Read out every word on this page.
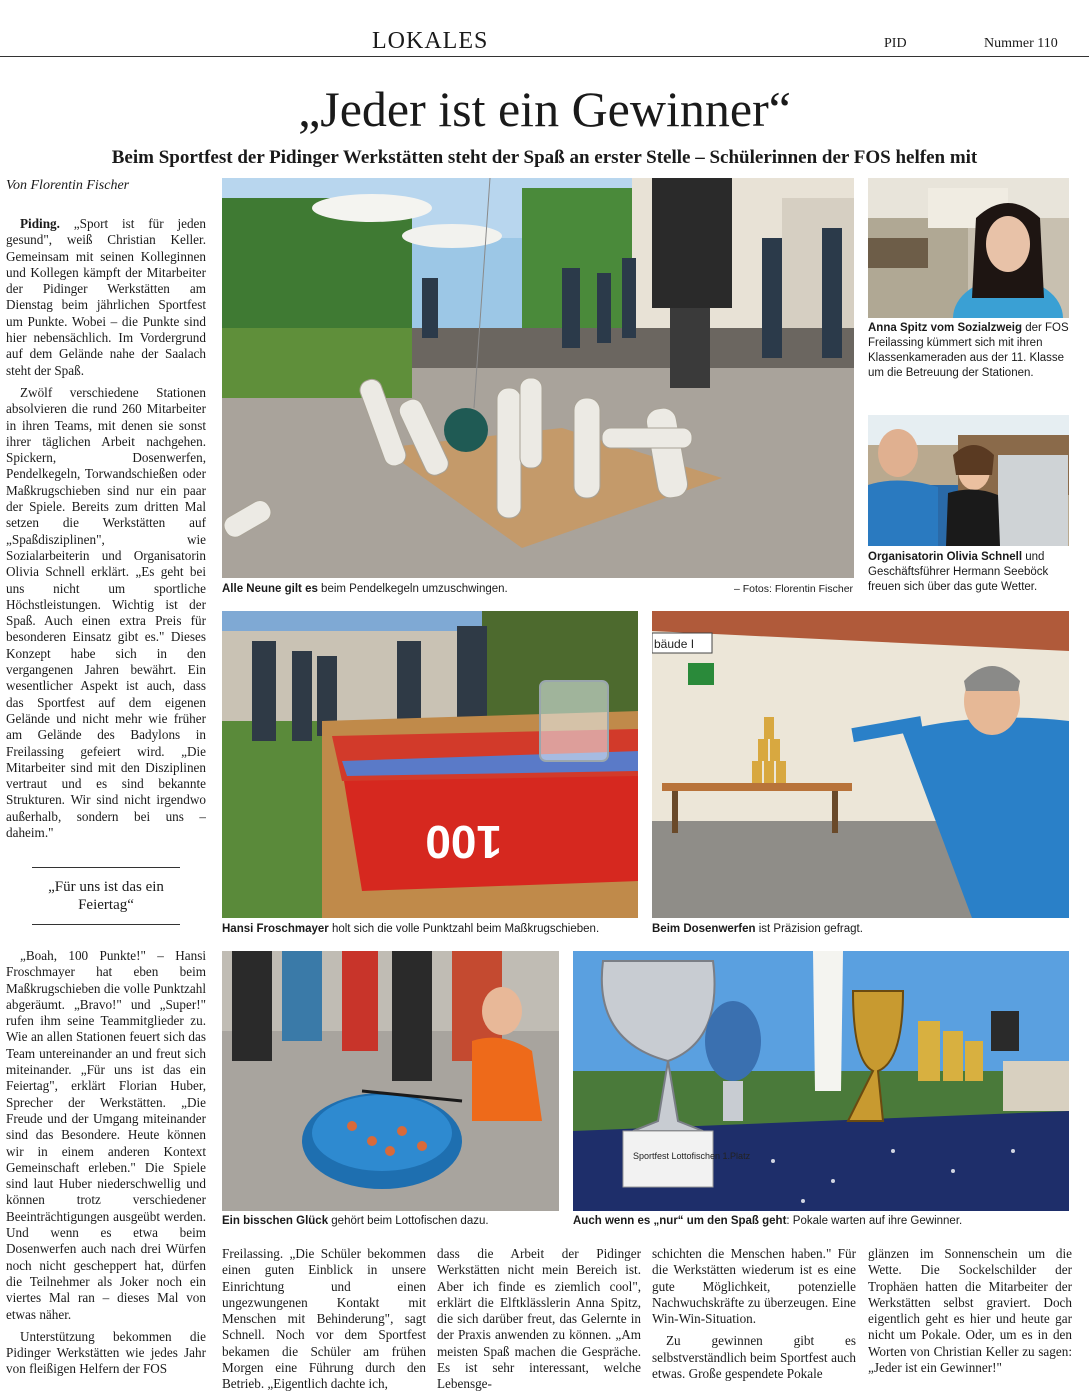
LOKALES	PID	Nummer 110
„Jeder ist ein Gewinner“
Beim Sportfest der Pidinger Werkstätten steht der Spaß an erster Stelle – Schülerinnen der FOS helfen mit
Von Florentin Fischer

Piding. „Sport ist für jeden gesund", weiß Christian Keller. Gemeinsam mit seinen Kolleginnen und Kollegen kämpft der Mitarbeiter der Pidinger Werkstätten am Dienstag beim jährlichen Sportfest um Punkte. Wobei – die Punkte sind hier nebensächlich. Im Vordergrund auf dem Gelände nahe der Saalach steht der Spaß.

Zwölf verschiedene Stationen absolvieren die rund 260 Mitarbeiter in ihren Teams, mit denen sie sonst ihrer täglichen Arbeit nachgehen. Spickern, Dosenwerfen, Pendelkegeln, Torwandschießen oder Maßkrugschieben sind nur ein paar der Spiele. Bereits zum dritten Mal setzen die Werkstätten auf „Spaßdisziplinen", wie Sozialarbeiterin und Organisatorin Olivia Schnell erklärt. „Es geht bei uns nicht um sportliche Höchstleistungen. Wichtig ist der Spaß. Auch einen extra Preis für besonderen Einsatz gibt es." Dieses Konzept habe sich in den vergangenen Jahren bewährt. Ein wesentlicher Aspekt ist auch, dass das Sportfest auf dem eigenen Gelände und nicht mehr wie früher am Gelände des Badylons in Freilassing gefeiert wird. „Die Mitarbeiter sind mit den Disziplinen vertraut und es sind bekannte Strukturen. Wir sind nicht irgendwo außerhalb, sondern bei uns – daheim."

„Für uns ist das ein Feiertag“

„Boah, 100 Punkte!" – Hansi Froschmayer hat eben beim Maßkrugschieben die volle Punktzahl abgeräumt. „Bravo!" und „Super!" rufen ihm seine Teammitglieder zu. Wie an allen Stationen feuert sich das Team untereinander an und freut sich miteinander. „Für uns ist das ein Feiertag", erklärt Florian Huber, Sprecher der Werkstätten. „Die Freude und der Umgang miteinander sind das Besondere. Heute können wir in einem anderen Kontext Gemeinschaft erleben." Die Spiele sind laut Huber niederschwellig und können trotz verschiedener Beeinträchtigungen ausgeübt werden. Und wenn es etwa beim Dosenwerfen auch nach drei Würfen noch nicht gescheppert hat, dürfen die Teilnehmer als Joker noch ein viertes Mal ran – dieses Mal von etwas näher.

Unterstützung bekommen die Pidinger Werkstätten wie jedes Jahr von fleißigen Helfern der FOS

Freilassing. „Die Schüler bekommen einen guten Einblick in unsere Einrichtung und einen ungezwungenen Kontakt mit Menschen mit Behinderung", sagt Schnell. Noch vor dem Sportfest bekamen die Schüler am frühen Morgen eine Führung durch den Betrieb. „Eigentlich dachte ich,

dass die Arbeit der Pidinger Werkstätten nicht mein Bereich ist. Aber ich finde es ziemlich cool", erklärt die Elftklässlerin Anna Spitz, die sich darüber freut, das Gelernte in der Praxis anwenden zu können. „Am meisten Spaß machen die Gespräche. Es ist sehr interessant, welche Lebensge-

schichten die Menschen haben." Für die Werkstätten wiederum ist es eine gute Möglichkeit, potenzielle Nachwuchskräfte zu überzeugen. Eine Win-Win-Situation.

Zu gewinnen gibt es selbstverständlich beim Sportfest auch etwas. Große gespendete Pokale

glänzen im Sonnenschein um die Wette. Die Sockelschilder der Trophäen hatten die Mitarbeiter der Werkstätten selbst graviert. Doch eigentlich geht es hier und heute gar nicht um Pokale. Oder, um es in den Worten von Christian Keller zu sagen: „Jeder ist ein Gewinner!"

Alle Neune gilt es beim Pendelkegeln umzuschwingen.	– Fotos: Florentin Fischer
Anna Spitz vom Sozialzweig der FOS Freilassing kümmert sich mit ihren Klassenkameraden aus der 11. Klasse um die Betreuung der Stationen.
Organisatorin Olivia Schnell und Geschäftsführer Hermann Seeböck freuen sich über das gute Wetter.
100
Hansi Froschmayer holt sich die volle Punktzahl beim Maßkrugschieben.
bäude I
Beim Dosenwerfen ist Präzision gefragt.
Ein bisschen Glück gehört beim Lottofischen dazu.
Sportfest Lottofischen 1.Platz
Auch wenn es „nur“ um den Spaß geht: Pokale warten auf ihre Gewinner.
